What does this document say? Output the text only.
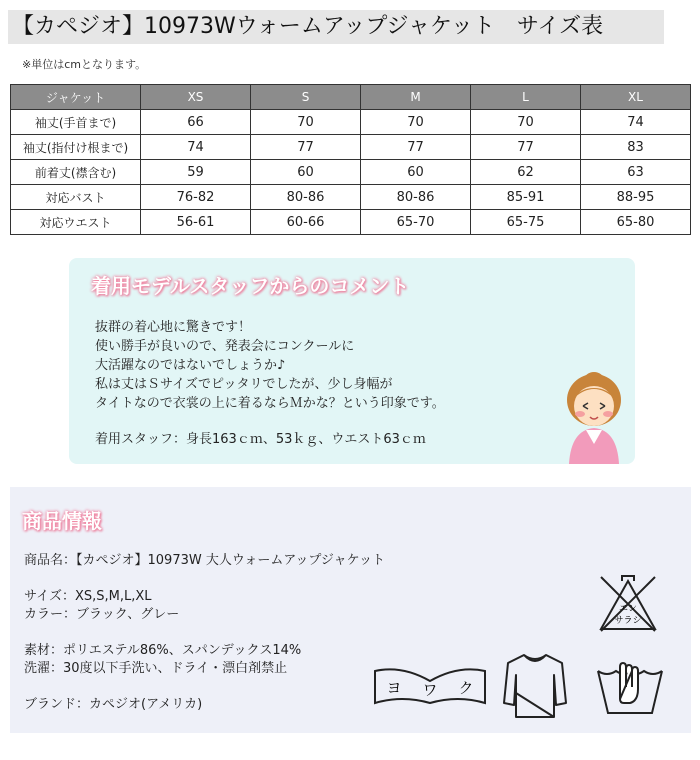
【カペジオ】10973Wウォームアップジャケット　サイズ表
※単位はcmとなります。
ジャケット	XS	S	M	L	XL
袖丈(手首まで)	66	70	70	70	74
袖丈(指付け根まで)	74	77	77	77	83
前着丈(襟含む)	59	60	60	62	63
対応バスト	76-82	80-86	80-86	85-91	88-95
対応ウエスト	56-61	60-66	65-70	65-75	65-80
着用モデルスタッフからのコメント
抜群の着心地に驚きです！
使い勝手が良いので、発表会にコンクールに
大活躍なのではないでしょうか♪
私は丈はＳサイズでピッタリでしたが、少し身幅が
タイトなので衣裳の上に着るならＭかな？という印象です。
着用スタッフ：身長163ｃｍ、53ｋｇ、ウエスト63ｃｍ
商品情報
商品名：【カペジオ】10973W 大人ウォームアップジャケット
サイズ：XS,S,M,L,XL
カラー：ブラック、グレー
素材：ポリエステル86%、スパンデックス14%
洗濯：30度以下手洗い、ドライ・漂白剤禁止
ブランド：カペジオ(アメリカ)
エン
サラシ
ヨ ワ ク
